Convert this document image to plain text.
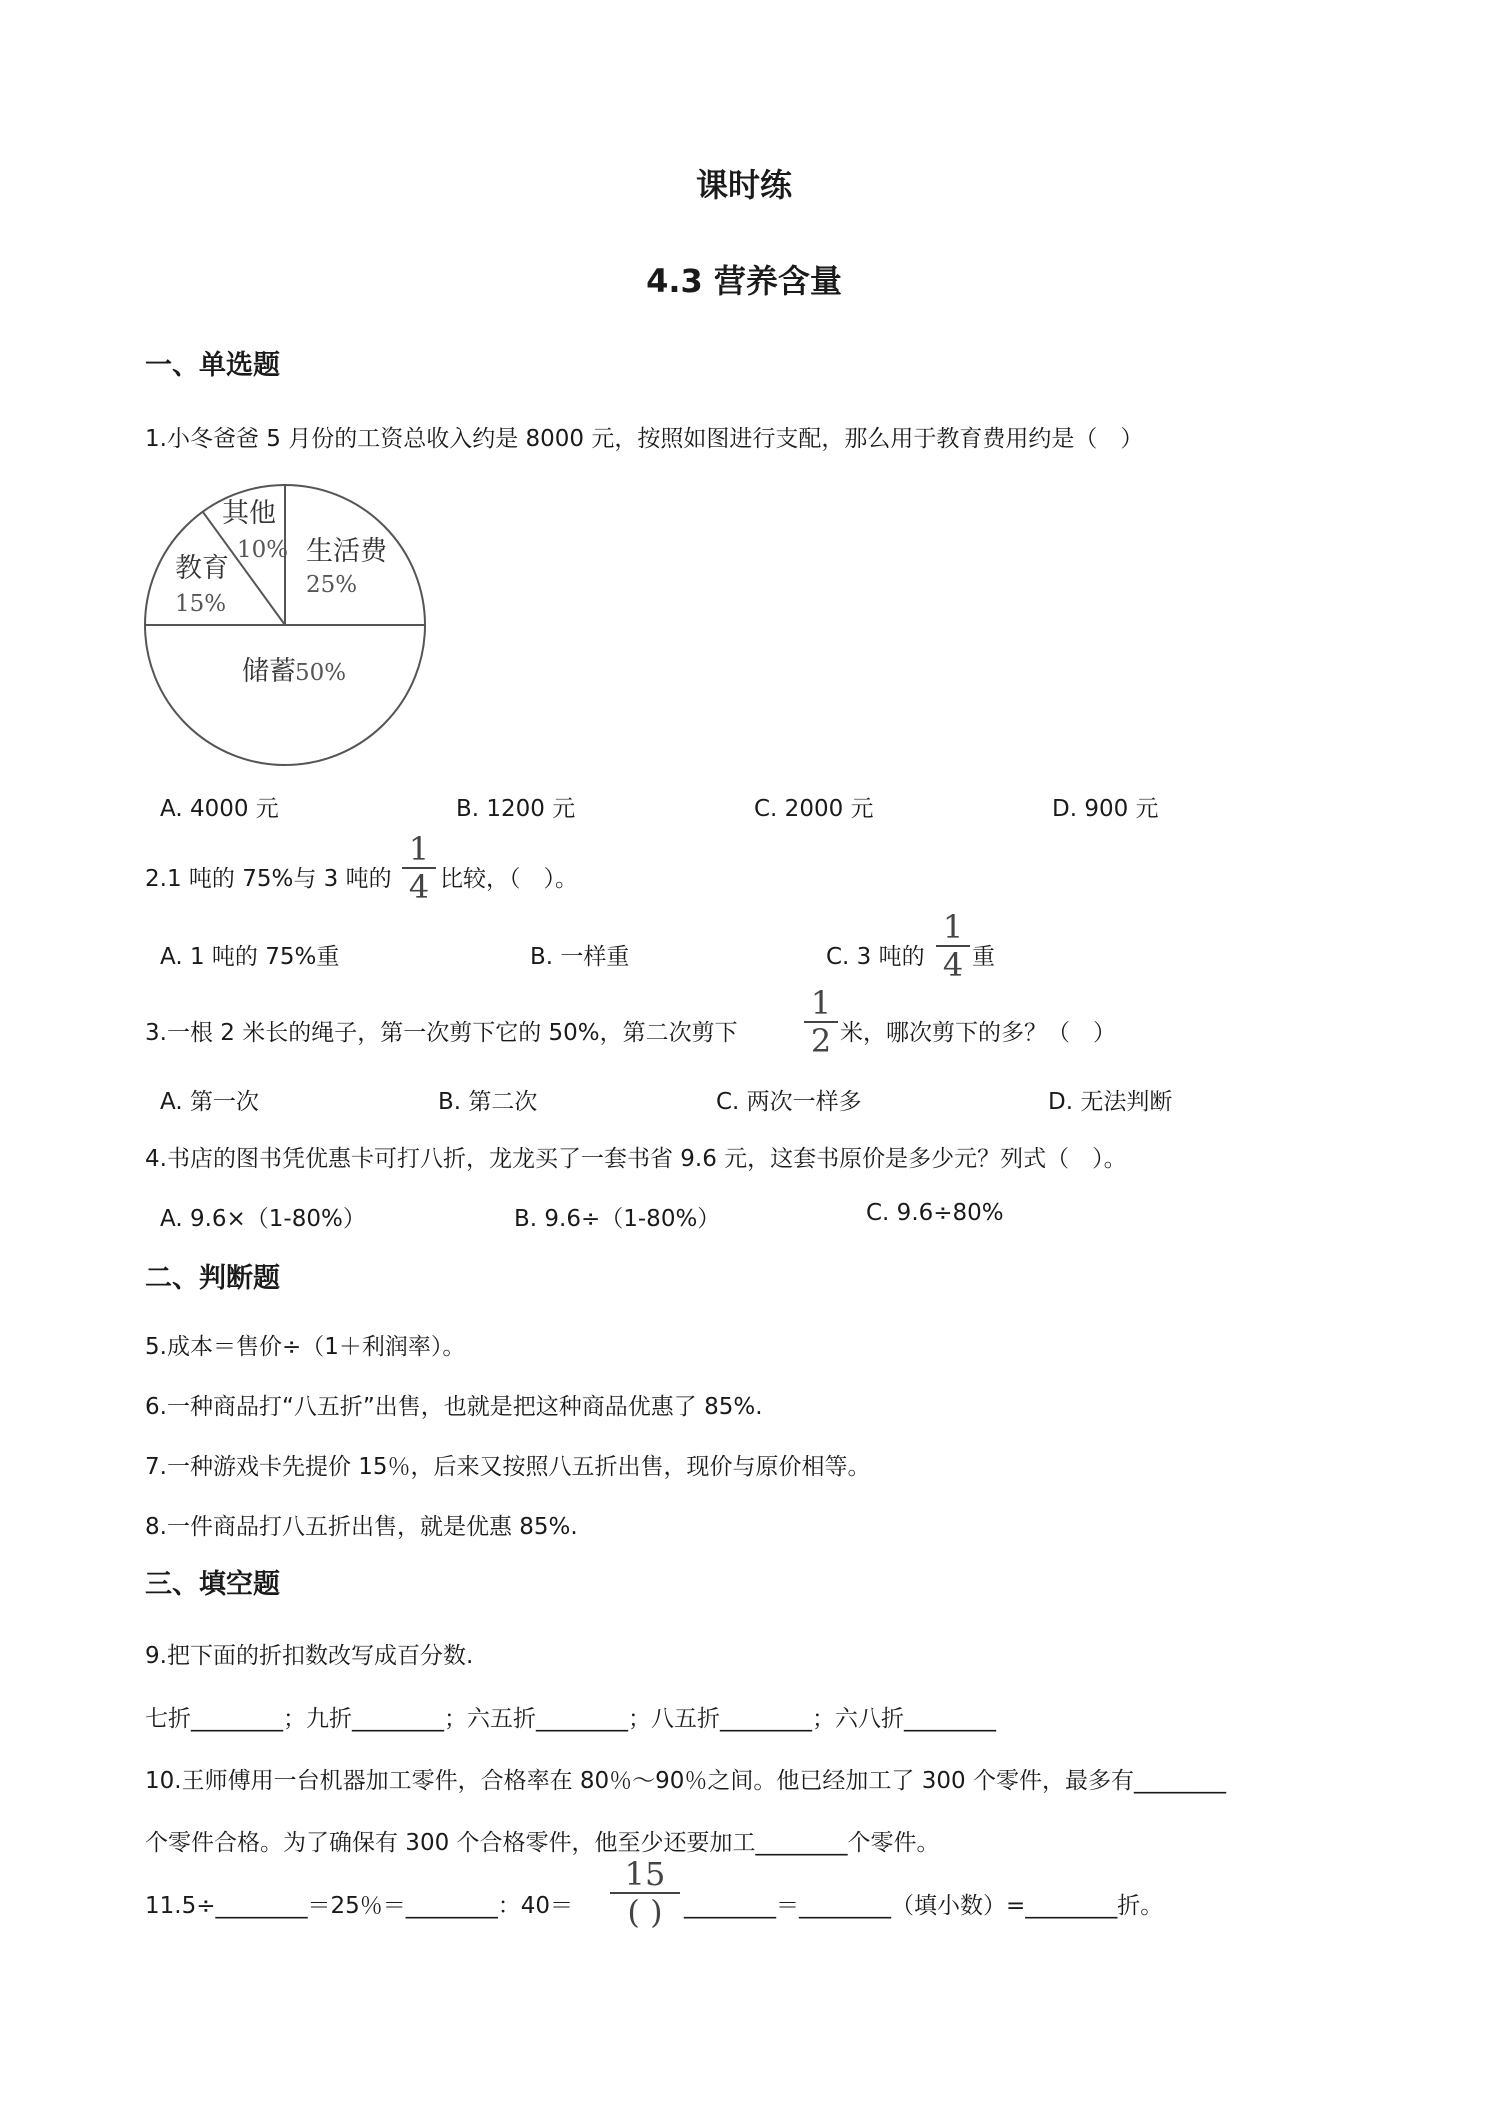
课时练
4.3 营养含量
一、单选题
1.小冬爸爸 5 月份的工资总收入约是 8000 元，按照如图进行支配，那么用于教育费用约是（　）
生活费
25%
储蓄 50%
教育
15%
其他
10%
A. 4000 元	B. 1200 元	C. 2000 元	D. 900 元
2.1 吨的 75%与 3 吨的
1
4 比较，（　）。
A. 1 吨的 75%重	B. 一样重	C. 3 吨的
1
4 重
3.一根 2 米长的绳子，第一次剪下它的 50%，第二次剪下
1
2 米，哪次剪下的多？（　）
A. 第一次	B. 第二次	C. 两次一样多	D. 无法判断
4.书店的图书凭优惠卡可打八折，龙龙买了一套书省 9.6 元，这套书原价是多少元？列式（　）。
A. 9.6×（1-80%）	B. 9.6÷（1-80%）	C. 9.6÷80%
二、判断题
5.成本＝售价÷（1＋利润率）。
6.一种商品打“八五折”出售，也就是把这种商品优惠了 85%.
7.一种游戏卡先提价 15％，后来又按照八五折出售，现价与原价相等。
8.一件商品打八五折出售，就是优惠 85%.
三、填空题
9.把下面的折扣数改写成百分数.
七折________；九折________；六五折________；八五折________；六八折________
10.王师傅用一台机器加工零件，合格率在 80％～90％之间。他已经加工了 300 个零件，最多有________
个零件合格。为了确保有 300 个合格零件，他至少还要加工________个零件。
11.5÷________＝25％＝________：40＝
15
( ) ________＝________（填小数）=________折。
